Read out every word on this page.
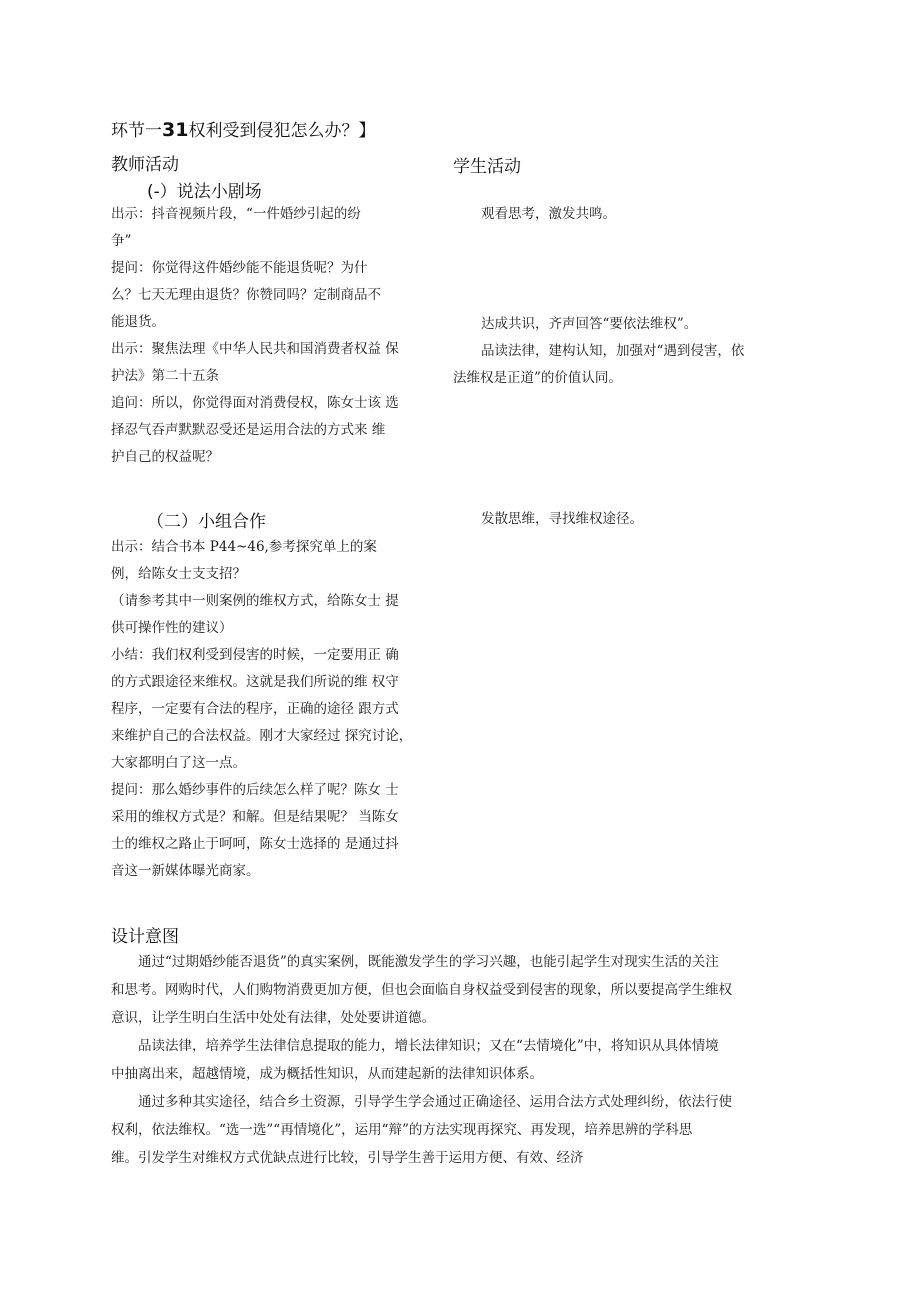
环节一31权利受到侵犯怎么办？】
教师活动	学生活动
(-）说法小剧场
出示：抖音视频片段，“一件婚纱引起的纷
争”
提问：你觉得这件婚纱能不能退货呢？为什
么？七天无理由退货？你赞同吗？定制商品不
能退货。
出示：聚焦法理《中华人民共和国消费者权益 保
护法》第二十五条
追问：所以，你觉得面对消费侵权，陈女士该 选
择忍气吞声默默忍受还是运用合法的方式来 维
护自己的权益呢？
观看思考，激发共鸣。
达成共识，齐声回答“要依法维权”。
品读法律，建构认知，加强对“遇到侵害，依
法维权是正道”的价值认同。
（二）小组合作	发散思维，寻找维权途径。
出示：结合书本 P44~46,参考探究单上的案
例，给陈女士支支招？
（请参考其中一则案例的维权方式，给陈女士 提
供可操作性的建议）
小结：我们权利受到侵害的时候，一定要用正 确
的方式跟途径来维权。这就是我们所说的维 权守
程序，一定要有合法的程序，正确的途径 跟方式
来维护自己的合法权益。刚才大家经过 探究讨论，
大家都明白了这一点。
提问：那么婚纱事件的后续怎么样了呢？陈女 士
采用的维权方式是？和解。但是结果呢？ 当陈女
士的维权之路止于呵呵，陈女士选择的 是通过抖
音这一新媒体曝光商家。
设计意图
通过“过期婚纱能否退货”的真实案例，既能激发学生的学习兴趣，也能引起学生对现实生活的关注
和思考。网购时代，人们购物消费更加方便，但也会面临自身权益受到侵害的现象，所以要提高学生维权
意识，让学生明白生活中处处有法律，处处要讲道德。
品读法律，培养学生法律信息提取的能力，增长法律知识；又在“去情境化”中，将知识从具体情境
中抽离出来，超越情境，成为概括性知识，从而建起新的法律知识体系。
通过多种其实途径，结合乡土资源，引导学生学会通过正确途径、运用合法方式处理纠纷，依法行使
权利，依法维权。“选一选”“再情境化”，运用“辩”的方法实现再探究、再发现，培养思辨的学科思
维。引发学生对维权方式优缺点进行比较，引导学生善于运用方便、有效、经济
